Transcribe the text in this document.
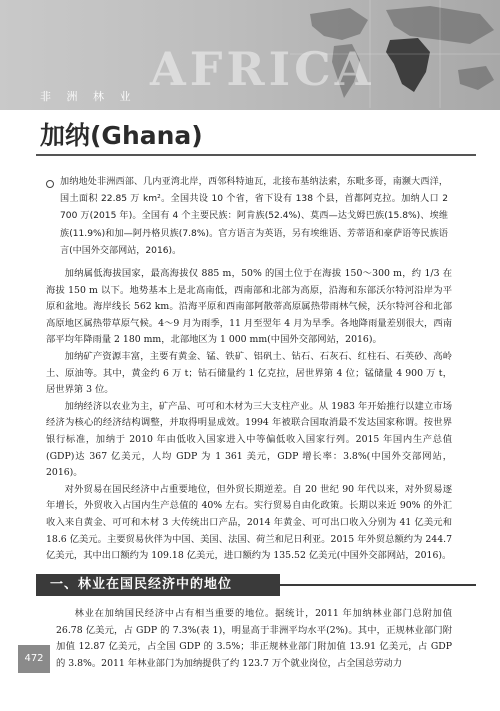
AFRICA
非 洲 林 业
加纳(Ghana)
加纳地处非洲西部、几内亚湾北岸，西邻科特迪瓦，北接布基纳法索，东毗多哥，南濒大西洋，国土面积 22.85 万 km²。全国共设 10 个省，省下设有 138 个县，首都阿克拉。加纳人口 2 700 万(2015 年)。全国有 4 个主要民族：阿肯族(52.4%)、莫西—达戈姆巴族(15.8%)、埃维族(11.9%)和加—阿丹格贝族(7.8%)。官方语言为英语，另有埃维语、芳蒂语和豪萨语等民族语言(中国外交部网站，2016)。

加纳属低海拔国家，最高海拔仅 885 m，50% 的国土位于在海拔 150～300 m，约 1/3 在海拔 150 m 以下。地势基本上是北高南低，西南部和北部为高原，沿海和东部沃尔特河沿岸为平原和盆地。海岸线长 562 km。沿海平原和西南部阿散蒂高原属热带雨林气候，沃尔特河谷和北部高原地区属热带草原气候。4～9 月为雨季，11 月至翌年 4 月为旱季。各地降雨量差别很大，西南部平均年降雨量 2 180 mm，北部地区为 1 000 mm(中国外交部网站，2016)。

加纳矿产资源丰富，主要有黄金、锰、铁矿、铝矾土、钻石、石灰石、红柱石、石英砂、高岭土、原油等。其中，黄金约 6 万 t；钻石储量约 1 亿克拉，居世界第 4 位；锰储量 4 900 万 t，居世界第 3 位。

加纳经济以农业为主，矿产品、可可和木材为三大支柱产业。从 1983 年开始推行以建立市场经济为核心的经济结构调整，并取得明显成效。1994 年被联合国取消最不发达国家称谓。按世界银行标准，加纳于 2010 年由低收入国家进入中等偏低收入国家行列。2015 年国内生产总值(GDP)达 367 亿美元，人均 GDP 为 1 361 美元，GDP 增长率：3.8%(中国外交部网站，2016)。

对外贸易在国民经济中占重要地位，但外贸长期逆差。自 20 世纪 90 年代以来，对外贸易逐年增长，外贸收入占国内生产总值的 40% 左右。实行贸易自由化政策。长期以来近 90% 的外汇收入来自黄金、可可和木材 3 大传统出口产品，2014 年黄金、可可出口收入分别为 41 亿美元和 18.6 亿美元。主要贸易伙伴为中国、美国、法国、荷兰和尼日利亚。2015 年外贸总额约为 244.7 亿美元，其中出口额约为 109.18 亿美元，进口额约为 135.52 亿美元(中国外交部网站，2016)。

一、林业在国民经济中的地位

林业在加纳国民经济中占有相当重要的地位。据统计，2011 年加纳林业部门总附加值 26.78 亿美元，占 GDP 的 7.3%(表 1)，明显高于非洲平均水平(2%)。其中，正规林业部门附加值 12.87 亿美元，占全国 GDP 的 3.5%；非正规林业部门附加值 13.91 亿美元，占 GDP 的 3.8%。2011 年林业部门为加纳提供了约 123.7 万个就业岗位，占全国总劳动力

472
